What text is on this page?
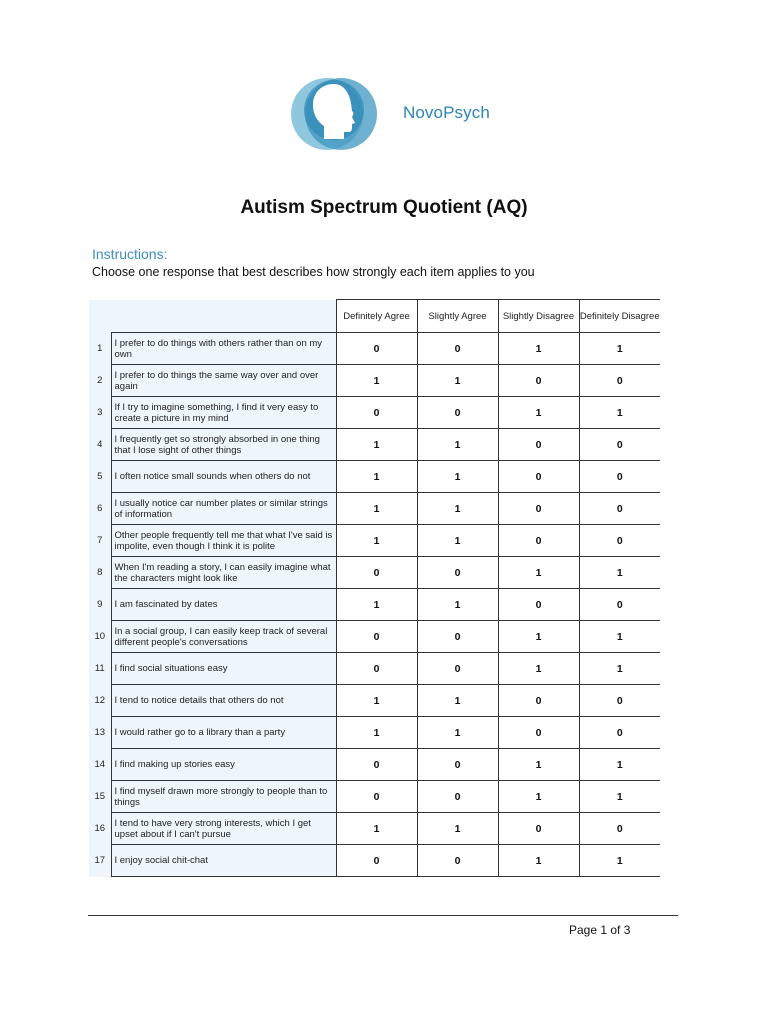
NovoPsych
Autism Spectrum Quotient (AQ)
Instructions:
Choose one response that best describes how strongly each item applies to you
		Definitely Agree	Slightly Agree	Slightly Disagree	Definitely Disagree
1	I prefer to do things with others rather than on my own	0	0	1	1
2	I prefer to do things the same way over and over again	1	1	0	0
3	If I try to imagine something, I find it very easy to create a picture in my mind	0	0	1	1
4	I frequently get so strongly absorbed in one thing that I lose sight of other things	1	1	0	0
5	I often notice small sounds when others do not	1	1	0	0
6	I usually notice car number plates or similar strings of information	1	1	0	0
7	Other people frequently tell me that what I've said is impolite, even though I think it is polite	1	1	0	0
8	When I'm reading a story, I can easily imagine what the characters might look like	0	0	1	1
9	I am fascinated by dates	1	1	0	0
10	In a social group, I can easily keep track of several different people's conversations	0	0	1	1
11	I find social situations easy	0	0	1	1
12	I tend to notice details that others do not	1	1	0	0
13	I would rather go to a library than a party	1	1	0	0
14	I find making up stories easy	0	0	1	1
15	I find myself drawn more strongly to people than to things	0	0	1	1
16	I tend to have very strong interests, which I get upset about if I can't pursue	1	1	0	0
17	I enjoy social chit-chat	0	0	1	1
Page 1 of 3
